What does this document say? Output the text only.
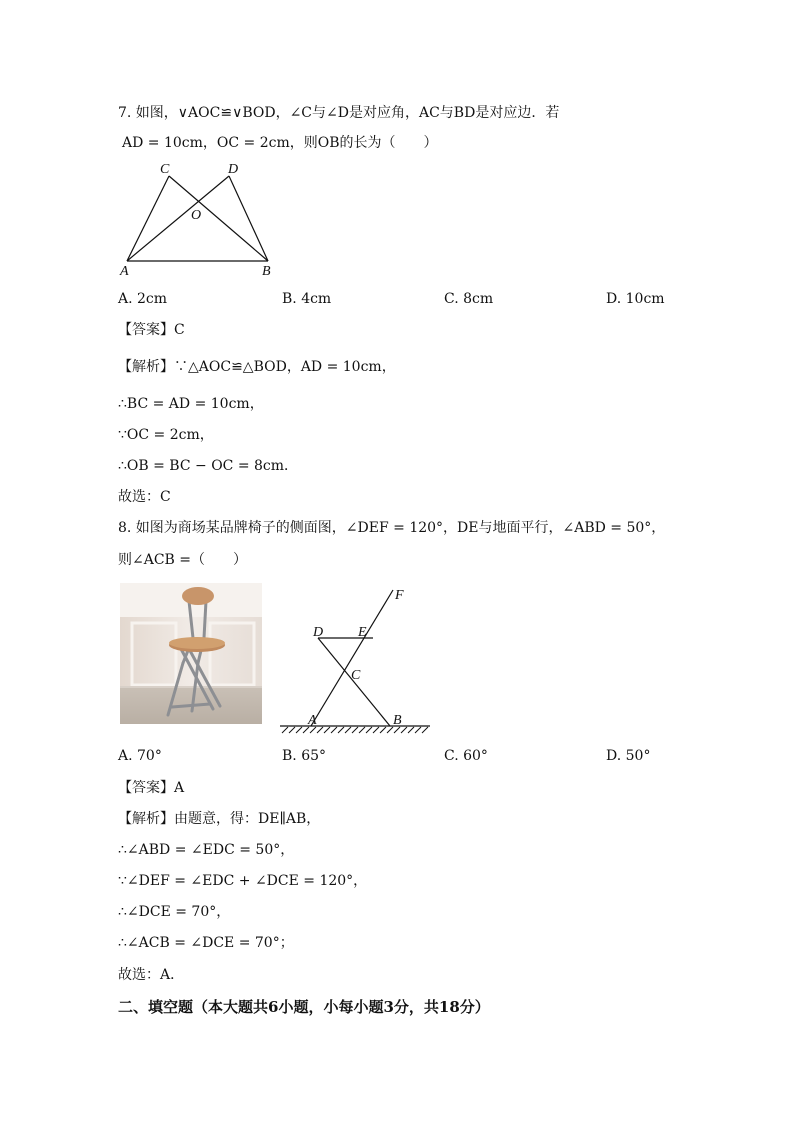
7. 如图，∨AOC≌∨BOD，∠C与∠D是对应角，AC与BD是对应边．若
AD = 10cm，OC = 2cm，则OB的长为（　　）
C	D
O
A	B
A. 2cm	B. 4cm	C. 8cm	D. 10cm
【答案】C
【解析】∵△AOC≌△BOD，AD = 10cm，
∴BC = AD = 10cm，
∵OC = 2cm，
∴OB = BC − OC = 8cm．
故选：C
8. 如图为商场某品牌椅子的侧面图，∠DEF = 120°，DE与地面平行，∠ABD = 50°，
则∠ACB =（　　）
F
D E
C
A	B
A. 70°	B. 65°	C. 60°	D. 50°
【答案】A
【解析】由题意，得：DE∥AB，
∴∠ABD = ∠EDC = 50°，
∵∠DEF = ∠EDC + ∠DCE = 120°，
∴∠DCE = 70°，
∴∠ACB = ∠DCE = 70°；
故选：A．
二、填空题（本大题共6小题，小每小题3分，共18分）
